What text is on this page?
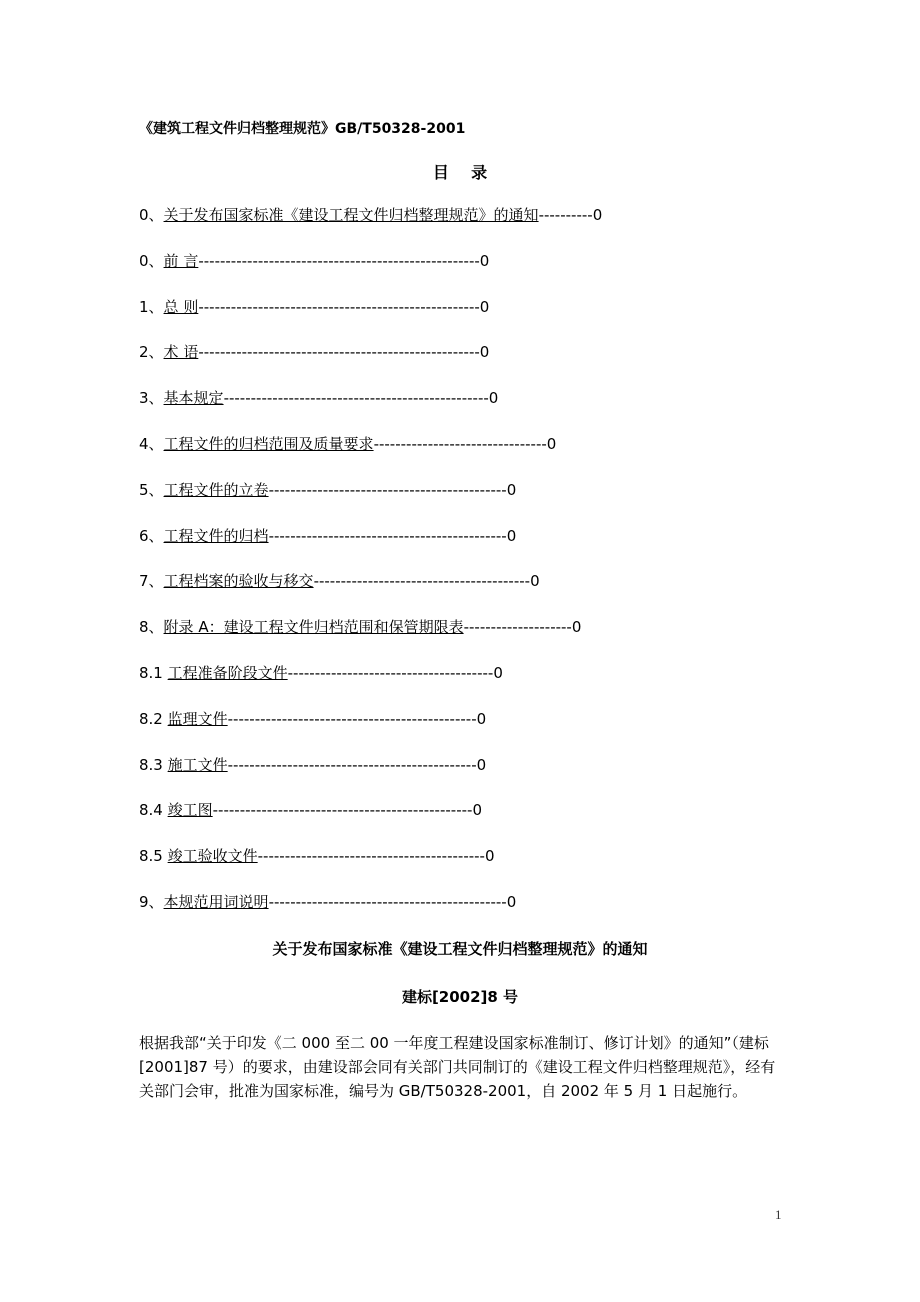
《建筑工程文件归档整理规范》GB/T50328-2001
目    录
0、关于发布国家标准《建设工程文件归档整理规范》的通知----------0
0、前 言----------------------------------------------------0
1、总 则----------------------------------------------------0
2、术 语----------------------------------------------------0
3、基本规定-------------------------------------------------0
4、工程文件的归档范围及质量要求--------------------------------0
5、工程文件的立卷--------------------------------------------0
6、工程文件的归档--------------------------------------------0
7、工程档案的验收与移交----------------------------------------0
8、附录 A：建设工程文件归档范围和保管期限表--------------------0
8.1 工程准备阶段文件--------------------------------------0
8.2 监理文件----------------------------------------------0
8.3 施工文件----------------------------------------------0
8.4 竣工图------------------------------------------------0
8.5 竣工验收文件------------------------------------------0
9、本规范用词说明--------------------------------------------0
关于发布国家标准《建设工程文件归档整理规范》的通知
建标[2002]8 号

根据我部“关于印发《二 000 至二 00 一年度工程建设国家标准制订、修订计划》的通知”（建标[2001]87 号）的要求，由建设部会同有关部门共同制订的《建设工程文件归档整理规范》，经有关部门会审，批准为国家标准，编号为 GB/T50328-2001，自 2002 年 5 月 1 日起施行。

1
